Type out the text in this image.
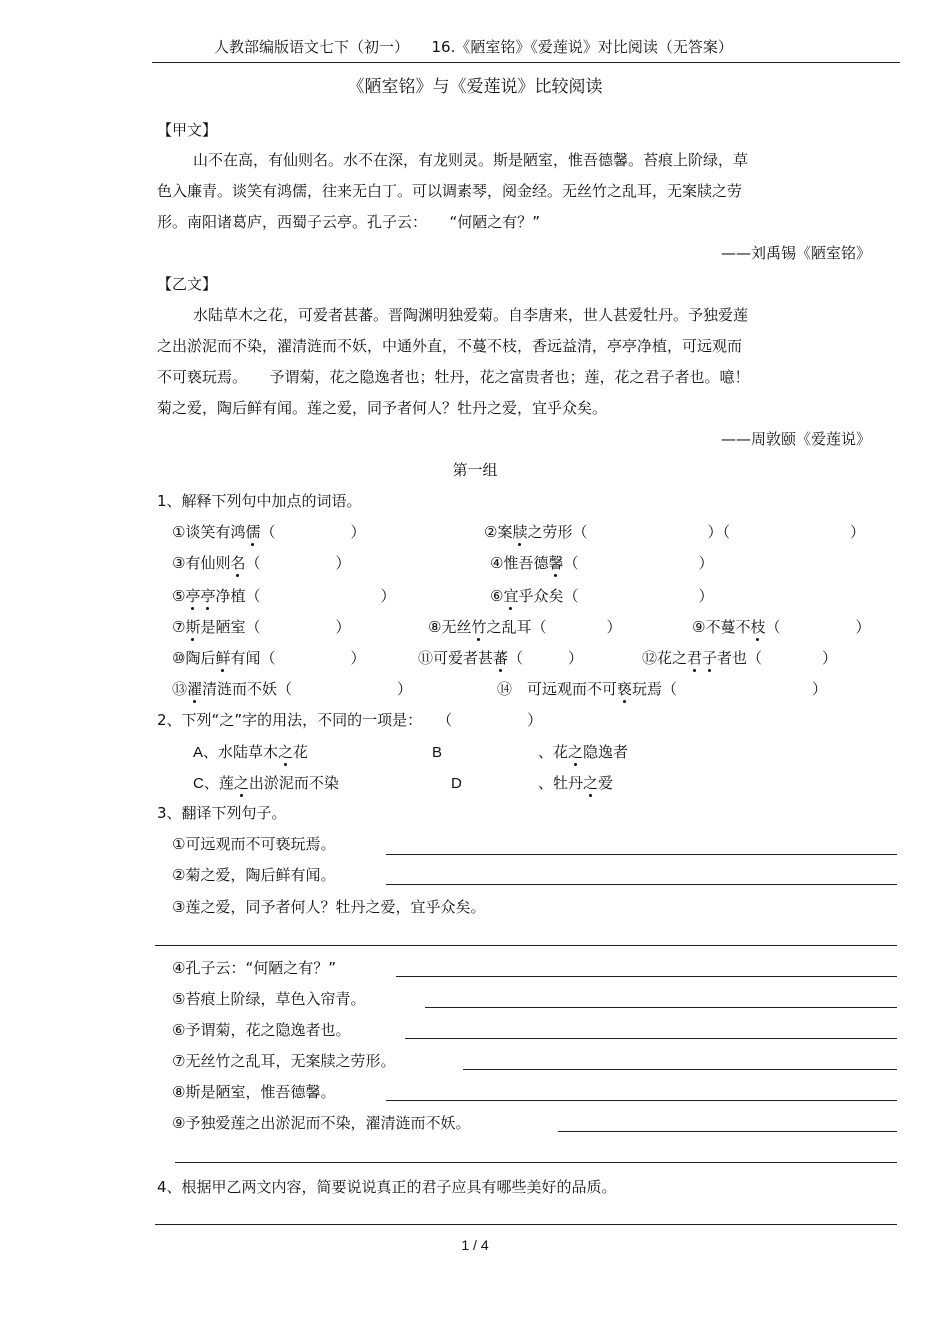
人教部编版语文七下（初一）　　16.《陋室铭》《爱莲说》对比阅读（无答案）
《陋室铭》与《爱莲说》比较阅读
【甲文】
山不在高，有仙则名。水不在深，有龙则灵。斯是陋室，惟吾德馨。苔痕上阶绿，草
色入廉青。谈笑有鸿儒，往来无白丁。可以调素琴，阅金经。无丝竹之乱耳，无案牍之劳
形。南阳诸葛庐，西蜀子云亭。孔子云：　　“何陋之有？”
——刘禹锡《陋室铭》
【乙文】
水陆草木之花，可爱者甚蕃。晋陶渊明独爱菊。自李唐来，世人甚爱牡丹。予独爱莲
之出淤泥而不染，濯清涟而不妖，中通外直，不蔓不枝，香远益清，亭亭净植，可远观而
不可亵玩焉。　　予谓菊，花之隐逸者也；牡丹，花之富贵者也；莲，花之君子者也。噫！
菊之爱，陶后鲜有闻。莲之爱，同予者何人？牡丹之爱，宜乎众矣。
——周敦颐《爱莲说》
第一组
1、解释下列句中加点的词语。
①谈笑有鸿儒（　　　　　）	②案牍之劳形（　　　　　　　　）（　　　　　　　　）
③有仙则名（　　　　　）	④惟吾德馨（　　　　　　　　）
⑤亭亭净植（　　　　　　　　）	⑥宜乎众矣（　　　　　　　　）
⑦斯是陋室（　　　　　）	⑧无丝竹之乱耳（　　　　）	⑨不蔓不枝（　　　　　）
⑩陶后鲜有闻（　　　　　）	⑪可爱者甚蕃（　　　）	⑫花之君子者也（　　　　）
⑬濯清涟而不妖（　　　　　　　）	⑭　可远观而不可亵玩焉（　　　　　　　　　）
2、下列“之”字的用法，不同的一项是：　　（　　　　　）
A、水陆草木之花	B	、花之隐逸者
C、莲之出淤泥而不染	D	、牡丹之爱
3、翻译下列句子。
①可远观而不可亵玩焉。
②菊之爱，陶后鲜有闻。
③莲之爱，同予者何人？牡丹之爱，宜乎众矣。
④孔子云：“何陋之有？”
⑤苔痕上阶绿，草色入帘青。
⑥予谓菊，花之隐逸者也。
⑦无丝竹之乱耳，无案牍之劳形。
⑧斯是陋室，惟吾德馨。
⑨予独爱莲之出淤泥而不染，濯清涟而不妖。
4、根据甲乙两文内容，简要说说真正的君子应具有哪些美好的品质。
1 / 4
